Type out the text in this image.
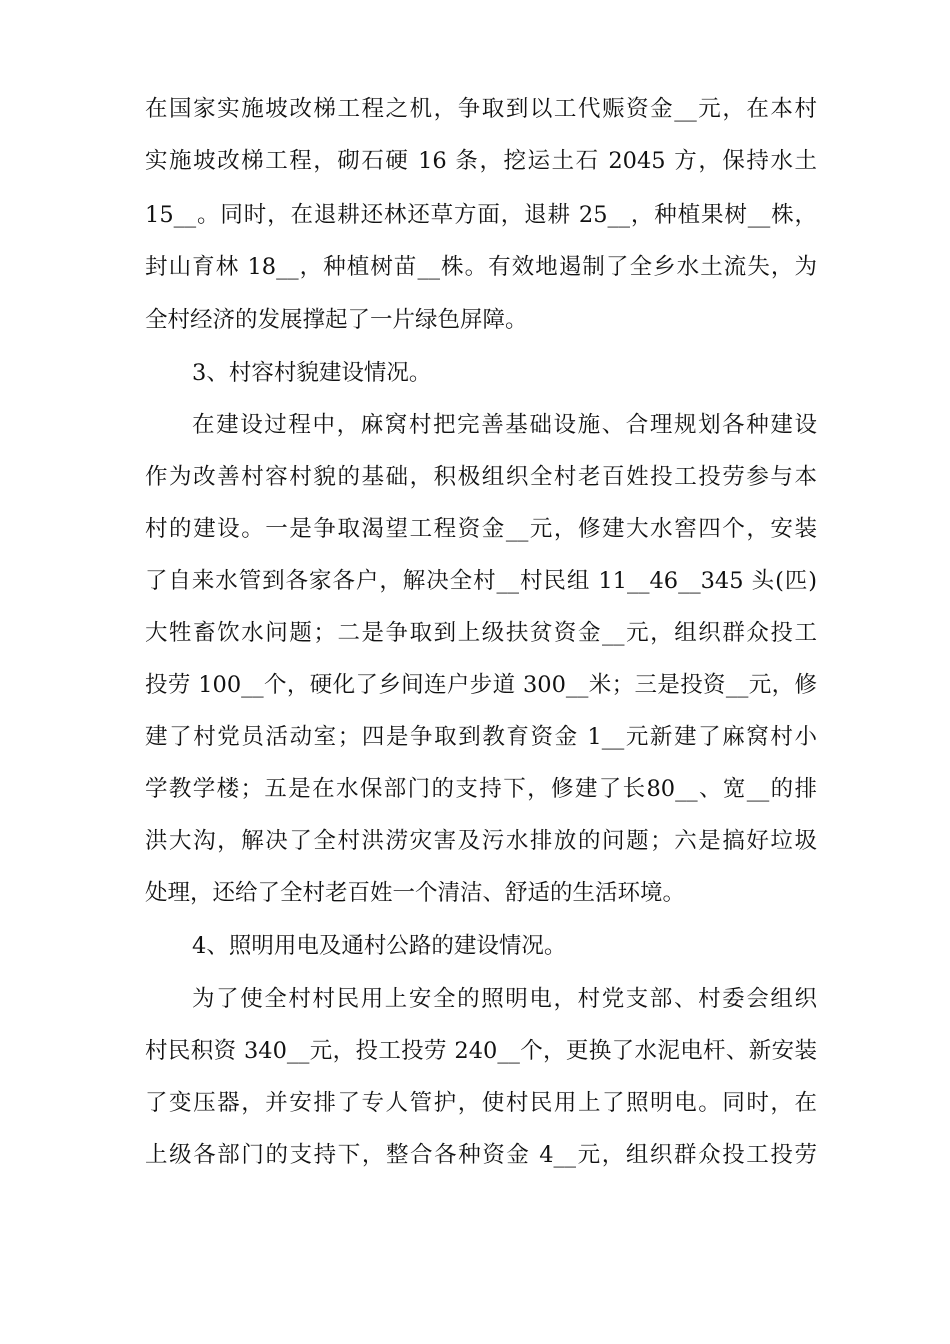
在国家实施坡改梯工程之机，争取到以工代赈资金__元，在本村
实施坡改梯工程，砌石硬 16 条，挖运土石 2045 方，保持水土
15__。同时，在退耕还林还草方面，退耕 25__，种植果树__株，
封山育林 18__，种植树苗__株。有效地遏制了全乡水土流失，为
全村经济的发展撑起了一片绿色屏障。
3、村容村貌建设情况。
在建设过程中，麻窝村把完善基础设施、合理规划各种建设
作为改善村容村貌的基础，积极组织全村老百姓投工投劳参与本
村的建设。一是争取渴望工程资金__元，修建大水窖四个，安装
了自来水管到各家各户，解决全村__村民组 11__46__345 头(匹)
大牲畜饮水问题；二是争取到上级扶贫资金__元，组织群众投工
投劳 100__个，硬化了乡间连户步道 300__米；三是投资__元，修
建了村党员活动室；四是争取到教育资金 1__元新建了麻窝村小
学教学楼；五是在水保部门的支持下，修建了长80__、宽__的排
洪大沟，解决了全村洪涝灾害及污水排放的问题；六是搞好垃圾
处理，还给了全村老百姓一个清洁、舒适的生活环境。
4、照明用电及通村公路的建设情况。
为了使全村村民用上安全的照明电，村党支部、村委会组织
村民积资 340__元，投工投劳 240__个，更换了水泥电杆、新安装
了变压器，并安排了专人管护，使村民用上了照明电。同时，在
上级各部门的支持下，整合各种资金 4__元，组织群众投工投劳
